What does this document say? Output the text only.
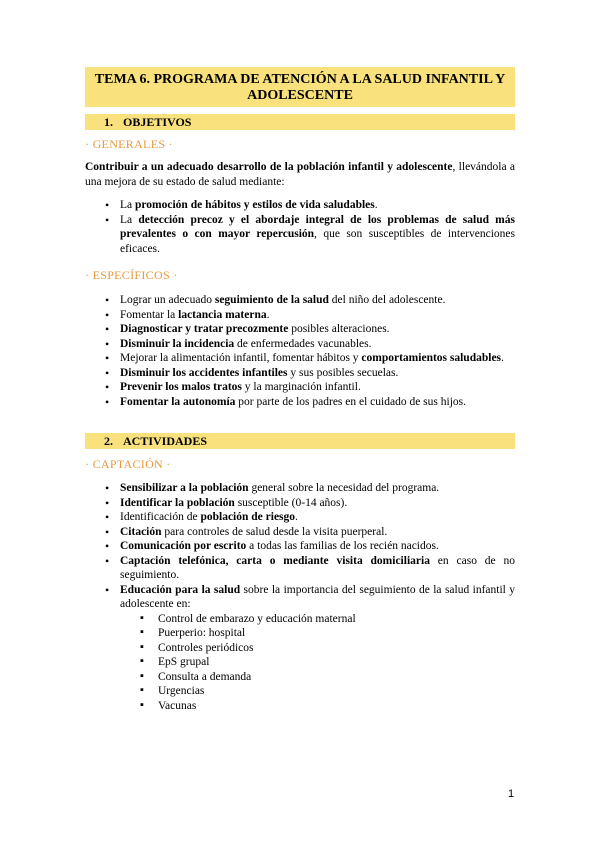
TEMA 6. PROGRAMA DE ATENCIÓN A LA SALUD INFANTIL Y
ADOLESCENTE
1. OBJETIVOS
· GENERALES ·
Contribuir a un adecuado desarrollo de la población infantil y adolescente, llevándola a una mejora de su estado de salud mediante:
• La promoción de hábitos y estilos de vida saludables.
• La detección precoz y el abordaje integral de los problemas de salud más prevalentes o con mayor repercusión, que son susceptibles de intervenciones eficaces.
· ESPECÍFICOS ·
• Lograr un adecuado seguimiento de la salud del niño del adolescente.
• Fomentar la lactancia materna.
• Diagnosticar y tratar precozmente posibles alteraciones.
• Disminuir la incidencia de enfermedades vacunables.
• Mejorar la alimentación infantil, fomentar hábitos y comportamientos saludables.
• Disminuir los accidentes infantiles y sus posibles secuelas.
• Prevenir los malos tratos y la marginación infantil.
• Fomentar la autonomía por parte de los padres en el cuidado de sus hijos.
2. ACTIVIDADES
· CAPTACIÓN ·
• Sensibilizar a la población general sobre la necesidad del programa.
• Identificar la población susceptible (0-14 años).
• Identificación de población de riesgo.
• Citación para controles de salud desde la visita puerperal.
• Comunicación por escrito a todas las familias de los recién nacidos.
• Captación telefónica, carta o mediante visita domiciliaria en caso de no seguimiento.
• Educación para la salud sobre la importancia del seguimiento de la salud infantil y adolescente en:
▪ Control de embarazo y educación maternal
▪ Puerperio: hospital
▪ Controles periódicos
▪ EpS grupal
▪ Consulta a demanda
▪ Urgencias
▪ Vacunas
1
